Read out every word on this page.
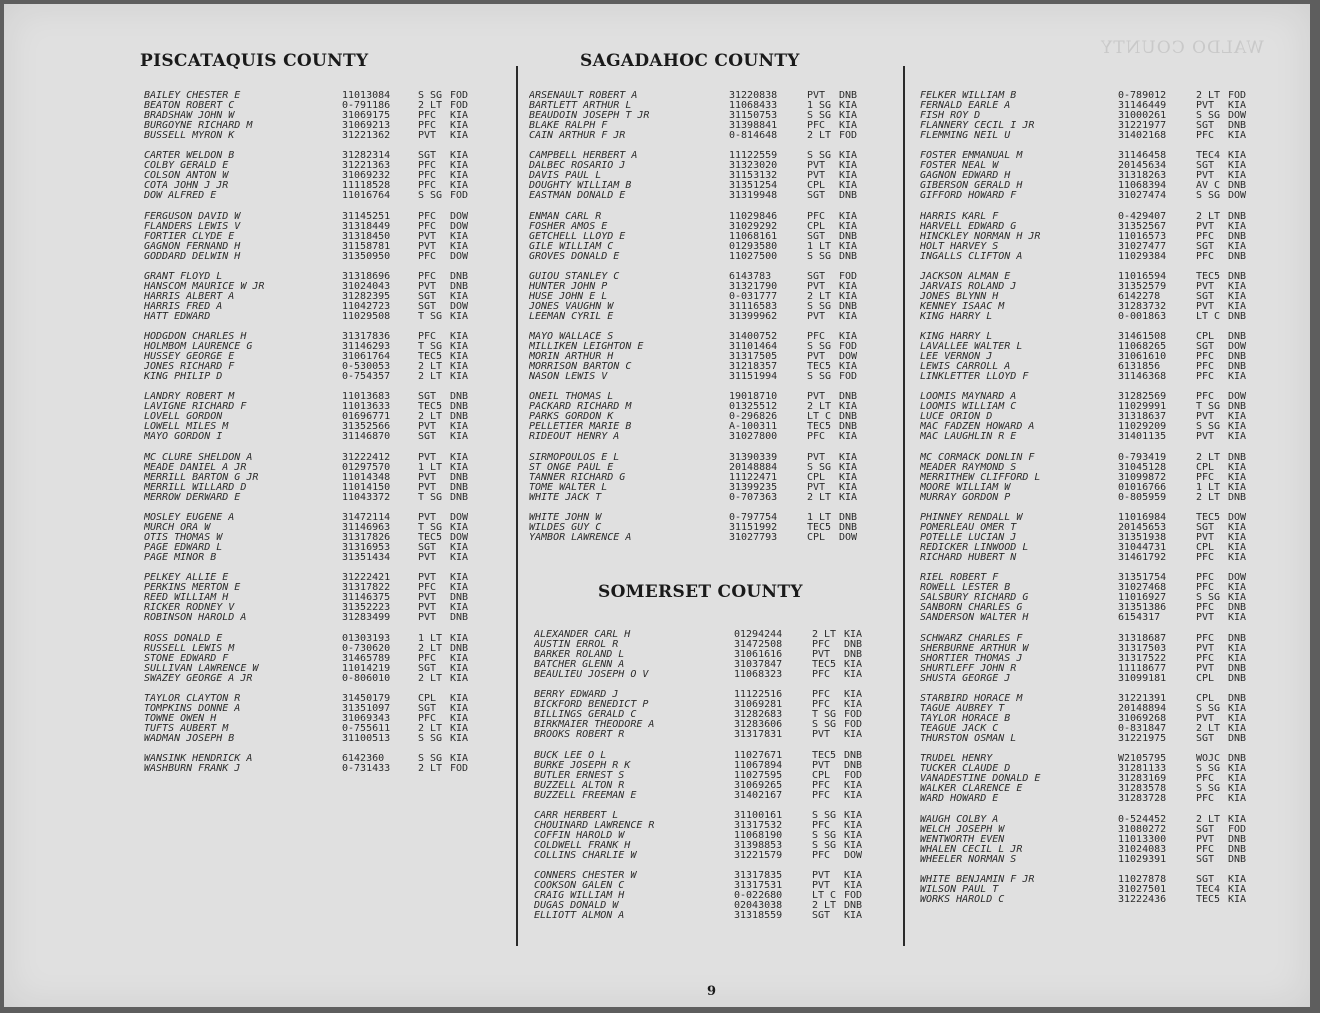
WALDO COUNTY
PISCATAQUIS COUNTY	SAGADAHOC COUNTY
SOMERSET COUNTY
BAILEY CHESTER E	11013084	S SG FOD
BEATON ROBERT C	0-791186	2 LT FOD
BRADSHAW JOHN W	31069175	PFC	KIA
BURGOYNE RICHARD M	31069213	PFC	KIA
BUSSELL MYRON K	31221362	PVT	KIA
CARTER WELDON B	31282314	SGT	KIA
COLBY GERALD E	31221363	PFC	KIA
COLSON ANTON W	31069232	PFC	KIA
COTA JOHN J JR	11118528	PFC	KIA
DOW ALFRED E	11016764	S SG FOD
FERGUSON DAVID W	31145251	PFC	DOW
FLANDERS LEWIS V	31318449	PFC	DOW
FORTIER CLYDE E	31318450	PVT	KIA
GAGNON FERNAND H	31158781	PVT	KIA
GODDARD DELWIN H	31350950	PFC	DOW
GRANT FLOYD L	31318696	PFC	DNB
HANSCOM MAURICE W JR	31024043	PVT	DNB
HARRIS ALBERT A	31282395	SGT	KIA
HARRIS FRED A	11042723	SGT	DOW
HATT EDWARD	11029508	T SG KIA
HODGDON CHARLES H	31317836	PFC	KIA
HOLMBOM LAURENCE G	31146293	T SG KIA
HUSSEY GEORGE E	31061764	TEC5 KIA
JONES RICHARD F	0-530053	2 LT KIA
KING PHILIP D	0-754357	2 LT KIA
LANDRY ROBERT M	11013683	SGT	DNB
LAVIGNE RICHARD F	11013633	TEC5 DNB
LOVELL GORDON	01696771	2 LT DNB
LOWELL MILES M	31352566	PVT	KIA
MAYO GORDON I	31146870	SGT	KIA
MC CLURE SHELDON A	31222412	PVT	KIA
MEADE DANIEL A JR	01297570	1 LT KIA
MERRILL BARTON G JR	11014348	PVT	DNB
MERRILL WILLARD D	11014150	PVT	DNB
MERROW DERWARD E	11043372	T SG DNB
MOSLEY EUGENE A	31472114	PVT	DOW
MURCH ORA W	31146963	T SG KIA
OTIS THOMAS W	31317826	TEC5 DOW
PAGE EDWARD L	31316953	SGT	KIA
PAGE MINOR B	31351434	PVT	KIA
PELKEY ALLIE E	31222421	PVT	KIA
PERKINS MERTON E	31317822	PFC	KIA
REED WILLIAM H	31146375	PVT	DNB
RICKER RODNEY V	31352223	PVT	KIA
ROBINSON HAROLD A	31283499	PVT	DNB
ROSS DONALD E	01303193	1 LT KIA
RUSSELL LEWIS M	0-730620	2 LT DNB
STONE EDWARD F	31465789	PFC	KIA
SULLIVAN LAWRENCE W	11014219	SGT	KIA
SWAZEY GEORGE A JR	0-806010	2 LT KIA
TAYLOR CLAYTON R	31450179	CPL	KIA
TOMPKINS DONNE A	31351097	SGT	KIA
TOWNE OWEN H	31069343	PFC	KIA
TUFTS AUBERT M	0-755611	2 LT KIA
WADMAN JOSEPH B	31100513	S SG KIA
WANSINK HENDRICK A	6142360	S SG KIA
WASHBURN FRANK J	0-731433	2 LT FOD
ARSENAULT ROBERT A	31220838	PVT	DNB
BARTLETT ARTHUR L	11068433	1 SG KIA
BEAUDOIN JOSEPH T JR	31150753	S SG KIA
BLAKE RALPH F	31398841	PFC	KIA
CAIN ARTHUR F JR	0-814648	2 LT FOD
CAMPBELL HERBERT A	11122559	S SG KIA
DALBEC ROSARIO J	31323020	PVT	KIA
DAVIS PAUL L	31153132	PVT	KIA
DOUGHTY WILLIAM B	31351254	CPL	KIA
EASTMAN DONALD E	31319948	SGT	DNB
ENMAN CARL R	11029846	PFC	KIA
FOSHER AMOS E	31029292	CPL	KIA
GETCHELL LLOYD E	11068161	SGT	DNB
GILE WILLIAM C	01293580	1 LT KIA
GROVES DONALD E	11027500	S SG DNB
GUIOU STANLEY C	6143783	SGT	FOD
HUNTER JOHN P	31321790	PVT	KIA
HUSE JOHN E L	0-031777	2 LT KIA
JONES VAUGHN W	31116583	S SG DNB
LEEMAN CYRIL E	31399962	PVT	KIA
MAYO WALLACE S	31400752	PFC	KIA
MILLIKEN LEIGHTON E	31101464	S SG FOD
MORIN ARTHUR H	31317505	PVT	DOW
MORRISON BARTON C	31218357	TEC5 KIA
NASON LEWIS V	31151994	S SG FOD
ONEIL THOMAS L	19018710	PVT	DNB
PACKARD RICHARD M	01325512	2 LT KIA
PARKS GORDON K	0-296826	LT C DNB
PELLETIER MARIE B	A-100311	TEC5 DNB
RIDEOUT HENRY A	31027800	PFC	KIA
SIRMOPOULOS E L	31390339	PVT	KIA
ST ONGE PAUL E	20148884	S SG KIA
TANNER RICHARD G	11122471	CPL	KIA
TOME WALTER L	31399235	PVT	KIA
WHITE JACK T	0-707363	2 LT KIA
WHITE JOHN W	0-797754	1 LT DNB
WILDES GUY C	31151992	TEC5 DNB
YAMBOR LAWRENCE A	31027793	CPL	DOW
ALEXANDER CARL H	01294244	2 LT KIA
AUSTIN ERROL R	31472508	PFC	DNB
BARKER ROLAND L	31061616	PVT	DNB
BATCHER GLENN A	31037847	TEC5 KIA
BEAULIEU JOSEPH O V	11068323	PFC	KIA
BERRY EDWARD J	11122516	PFC	KIA
BICKFORD BENEDICT P	31069281	PFC	KIA
BILLINGS GERALD C	31282683	T SG FOD
BIRKMAIER THEODORE A	31283606	S SG FOD
BROOKS ROBERT R	31317831	PVT	KIA
BUCK LEE O L	11027671	TEC5 DNB
BURKE JOSEPH R K	11067894	PVT	DNB
BUTLER ERNEST S	11027595	CPL	FOD
BUZZELL ALTON R	31069265	PFC	KIA
BUZZELL FREEMAN E	31402167	PFC	KIA
CARR HERBERT L	31100161	S SG KIA
CHOUINARD LAWRENCE R	31317532	PFC	KIA
COFFIN HAROLD W	11068190	S SG KIA
COLDWELL FRANK H	31398853	S SG KIA
COLLINS CHARLIE W	31221579	PFC	DOW
CONNERS CHESTER W	31317835	PVT	KIA
COOKSON GALEN C	31317531	PVT	KIA
CRAIG WILLIAM H	0-022680	LT C FOD
DUGAS DONALD W	02043038	2 LT DNB
ELLIOTT ALMON A	31318559	SGT	KIA
FELKER WILLIAM B	0-789012	2 LT FOD
FERNALD EARLE A	31146449	PVT	KIA
FISH ROY D	31000261	S SG DOW
FLANNERY CECIL I JR	31221977	SGT	DNB
FLEMMING NEIL U	31402168	PFC	KIA
FOSTER EMMANUAL M	31146458	TEC4 KIA
FOSTER NEAL W	20145634	SGT	KIA
GAGNON EDWARD H	31318263	PVT	KIA
GIBERSON GERALD H	11068394	AV C DNB
GIFFORD HOWARD F	31027474	S SG DOW
HARRIS KARL F	0-429407	2 LT DNB
HARVELL EDWARD G	31352567	PVT	KIA
HINCKLEY NORMAN H JR	11016573	PFC	DNB
HOLT HARVEY S	31027477	SGT	KIA
INGALLS CLIFTON A	11029384	PFC	DNB
JACKSON ALMAN E	11016594	TEC5 DNB
JARVAIS ROLAND J	31352579	PVT	KIA
JONES BLYNN H	6142278	SGT	KIA
KENNEY ISAAC M	31283732	PVT	KIA
KING HARRY L	0-001863	LT C DNB
KING HARRY L	31461508	CPL	DNB
LAVALLEE WALTER L	11068265	SGT	DOW
LEE VERNON J	31061610	PFC	DNB
LEWIS CARROLL A	6131856	PFC	DNB
LINKLETTER LLOYD F	31146368	PFC	KIA
LOOMIS MAYNARD A	31282569	PFC	DOW
LOOMIS WILLIAM C	11029991	T SG DNB
LUCE ORION D	31318637	PVT	KIA
MAC FADZEN HOWARD A	11029209	S SG KIA
MAC LAUGHLIN R E	31401135	PVT	KIA
MC CORMACK DONLIN F	0-793419	2 LT DNB
MEADER RAYMOND S	31045128	CPL	KIA
MERRITHEW CLIFFORD L	31099872	PFC	KIA
MOORE WILLIAM W	01016766	1 LT KIA
MURRAY GORDON P	0-805959	2 LT DNB
PHINNEY RENDALL W	11016984	TEC5 DOW
POMERLEAU OMER T	20145653	SGT	KIA
POTELLE LUCIAN J	31351938	PVT	KIA
REDICKER LINWOOD L	31044731	CPL	KIA
RICHARD HUBERT N	31461792	PFC	KIA
RIEL ROBERT F	31351754	PFC	DOW
ROWELL LESTER B	31027468	PFC	KIA
SALSBURY RICHARD G	11016927	S SG KIA
SANBORN CHARLES G	31351386	PFC	DNB
SANDERSON WALTER H	6154317	PVT	KIA
SCHWARZ CHARLES F	31318687	PFC	DNB
SHERBURNE ARTHUR W	31317503	PVT	KIA
SHORTIER THOMAS J	31317522	PFC	KIA
SHURTLEFF JOHN R	11118677	PVT	DNB
SHUSTA GEORGE J	31099181	CPL	DNB
STARBIRD HORACE M	31221391	CPL	DNB
TAGUE AUBREY T	20148894	S SG KIA
TAYLOR HORACE B	31069268	PVT	KIA
TEAGUE JACK C	0-831847	2 LT KIA
THURSTON OSMAN L	31221975	SGT	DNB
TRUDEL HENRY	W2105795	WOJC DNB
TUCKER CLAUDE D	31281133	S SG KIA
VANADESTINE DONALD E	31283169	PFC	KIA
WALKER CLARENCE E	31283578	S SG KIA
WARD HOWARD E	31283728	PFC	KIA
WAUGH COLBY A	0-524452	2 LT KIA
WELCH JOSEPH W	31080272	SGT	FOD
WENTWORTH EVEN	11013300	PVT	DNB
WHALEN CECIL L JR	31024083	PFC	DNB
WHEELER NORMAN S	11029391	SGT	DNB
WHITE BENJAMIN F JR	11027878	SGT	KIA
WILSON PAUL T	31027501	TEC4 KIA
WORKS HAROLD C	31222436	TEC5 KIA
9
